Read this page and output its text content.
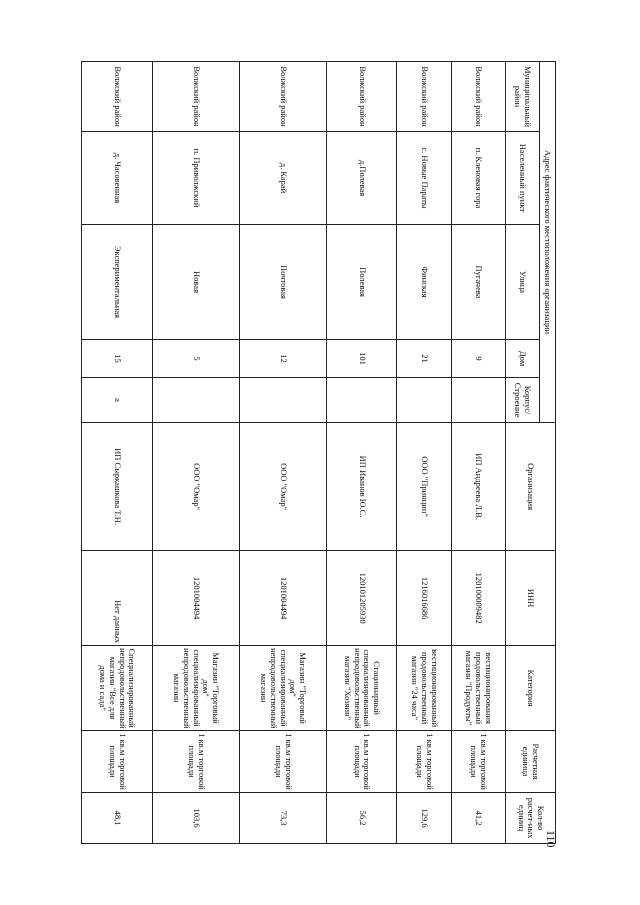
110
Адрес фактического местоположения организации					Организация	ИНН	Категория	Расчетная единица	Кол-во расчет-ных единиц
Муниципальный район	Населенный пункт	Улица	Дом	Корпус/ Строение					
Волжский район	п. Кленовая гора	Пугачева	9		ИП Андреева Л.В.	120100009482	вестиционирования продовольственный магазин "Продукты"	1 кв.м торговой площади	41,2
Волжский район	с. Новые Параты	Финская	21		ООО "Принцип"	1216016686	вестиционированный продовольственный магазин "24 часа"	1 кв.м торговой площади	129,6
Волжский район	д.Полевая	Полевая	101		ИП Иванов Ю.С.	120101205930	Стационарный специализированный непродовольственный магазин "Хозяин"	1 кв.м торговой площади	56,2
Волжский район	д. Карай	Почтовая	12		ООО "Омар"	1201004494	Магазин "Торговый дом" специализированный непродовольственный магазин	1 кв.м торговой площади	73,3
Волжский район	п. Приволжский	Новая	5		ООО "Омар"	1201004494	Магазин "Торговый дом" специализированный непродовольственный магазин	1 кв.м торговой площади	103,6
Волжский район	д. Часовенная	Экспериментальная	15	а	ИП Сыркашкова Т.Н.	Нет данных	Специализированный непродовольственный магазин "Все для дома и сада"	1 кв.м торговой площади	48,1
